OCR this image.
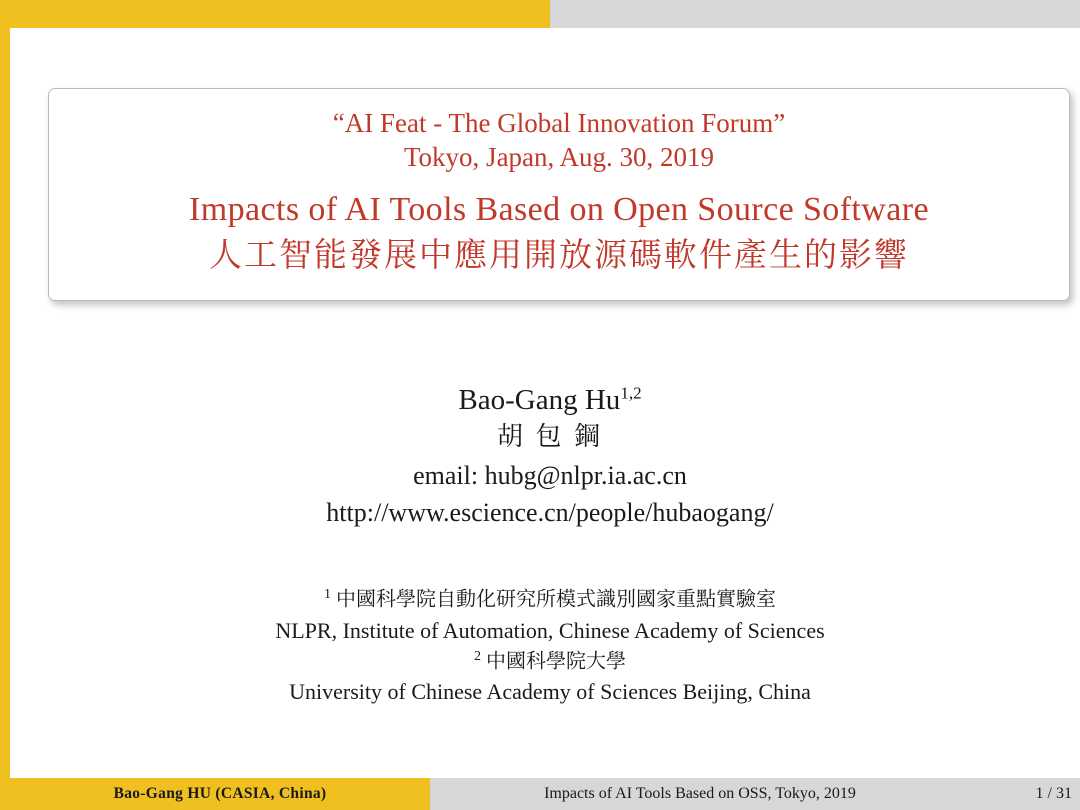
“AI Feat - The Global Innovation Forum”
Tokyo, Japan, Aug. 30, 2019
Impacts of AI Tools Based on Open Source Software
人工智能發展中應用開放源碼軟件產生的影響
Bao-Gang Hu$^{1,2}$
胡 包 鋼
email: hubg@nlpr.ia.ac.cn
http://www.escience.cn/people/hubaogang/
$^1$ 中國科學院自動化研究所模式識別國家重點實驗室
NLPR, Institute of Automation, Chinese Academy of Sciences
$^2$ 中國科學院大學
University of Chinese Academy of Sciences Beijing, China
Bao-Gang HU (CASIA, China)	Impacts of AI Tools Based on OSS, Tokyo, 2019	1 / 31
